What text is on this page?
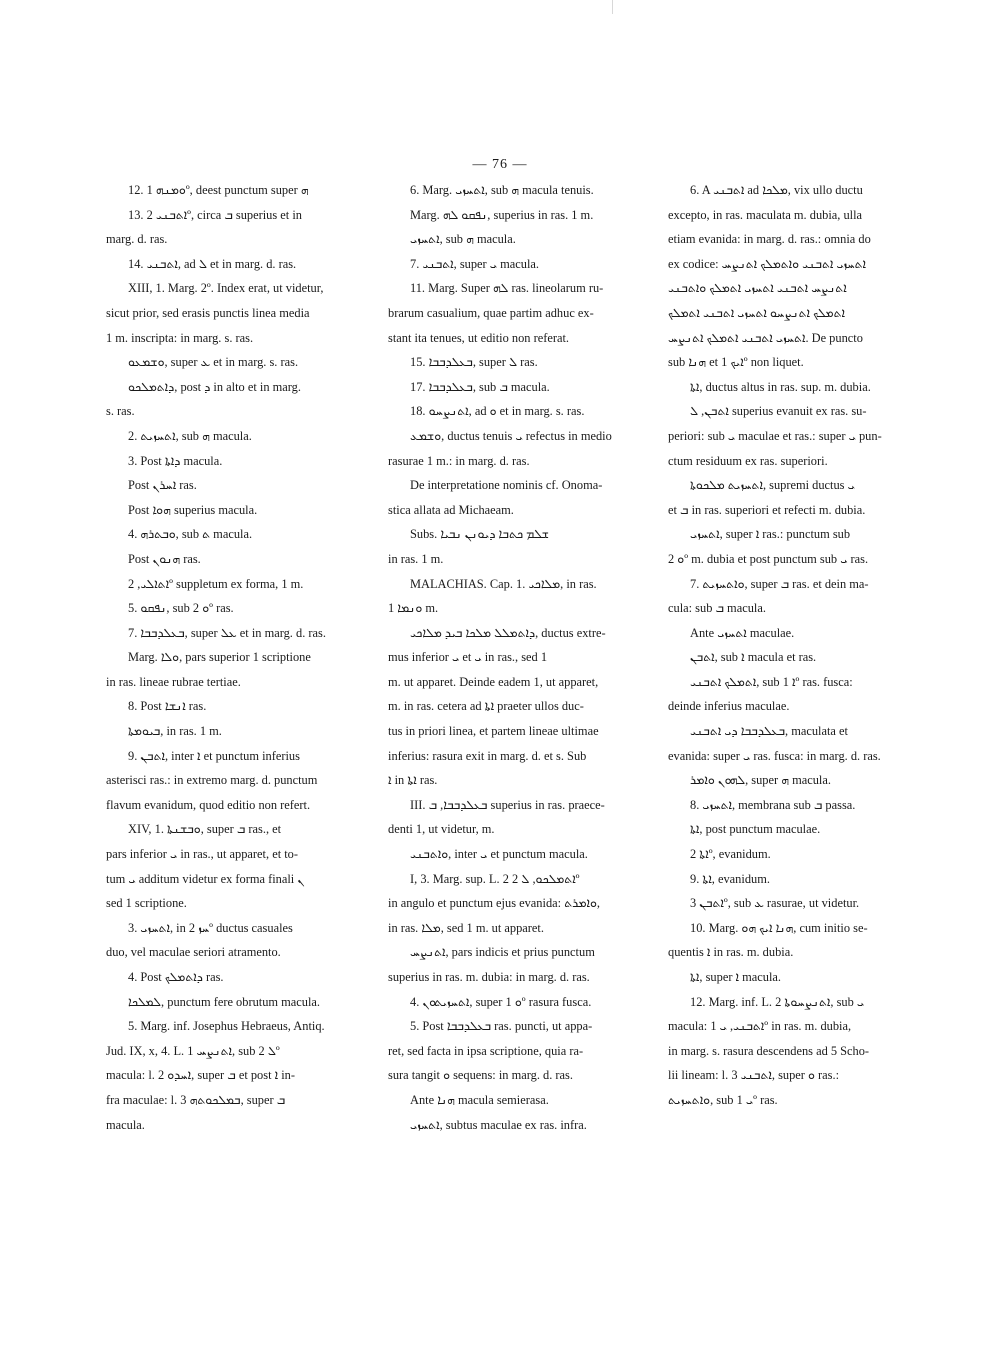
— 76 —

12. ܘܡܢܗ 1º, deest punctum super ܗ

13. ܐܬܒܢܝ 2º, circa ܒ superius et in

marg. d. ras.

14. ܐܬܒܢܝ, ad ܠ et in marg. d. ras.

XIII, 1. Marg. 2º. Index erat, ut videtur,

sicut prior, sed erasis punctis linea media

1 m. inscripta: in marg. s. ras.

ܘܫܡܥܘ, super ܥ et in marg. s. ras.

ܕܐܬܡܠܟܘ, post ܕ in alto et in marg.

s. ras.

2. ܐܬܚܙܝܬ, sub ܗ macula.

3. Post ܕܐܬܐ macula.

Post ܐܚܪܢ ras.

Post ܗܘܐ superius macula.

4. ܘܒܬܪܗ, sub ܬ macula.

Post ܗܢܘܢ ras.

ܐܬܐܠܝ, 2º suppletum ex forma, 1 m.

5. ܢܦܩܘ, sub ܘ 2º ras.

7. ܒܥܠܕܒܒܐ, super ܥܠ et in marg. d. ras.

Marg. ܘܠܐ, pars superior 1 scriptione

in ras. lineae rubrae tertiae.

8. Post ܐܢܫܐ ras.

ܒܝܘܡܬܐ, in ras. 1 m.

9. ܐܬܒܢ, inter ܐ et punctum inferius

asterisci ras.: in extremo marg. d. punctum

flavum evanidum, quod editio non refert.

XIV, 1. ܘܒܫܢܬܐ, super ܒ ras., et

pars inferior ܝ in ras., ut apparet, et to-

tum ܝ additum videtur ex forma finali ܢ

sed 1 scriptione.

3. ܐܬܚܙܝ, in ܚܙ 2º ductus casuales

duo, vel maculae seriori atramento.

4. Post ܕܐܬܡܠܟ ras.

ܠܡܠܟܐ, punctum fere obrutum macula.

5. Marg. inf. Josephus Hebraeus, Antiq.

Jud. IX, x, 4. L. 1 ܐܬܢܨܚ, sub ܠ 2º

macula: l. 2 ܐܚܕܘ, super ܒ et post ܐ in-

fra maculae: l. 3 ܒܡܠܟܘܬܗ, super ܒ

macula.

6. Marg. ܐܬܚܙܝ, sub ܗ macula tenuis.

Marg. ܢܦܩܘ ܠܗ, superius in ras. 1 m.

ܐܬܚܙܝ, sub ܗ macula.

7. ܐܬܒܢܝ, super ܝ macula.

11. Marg. Super ܠܗ ras. lineolarum ru-

brarum casualium, quae partim adhuc ex-

stant ita tenues, ut editio non referat.

15. ܒܥܠܕܒܒܐ, super ܠ ras.

17. ܒܥܠܕܒܒܐ, sub ܒ macula.

18. ܐܬܢܨܚܘ, ad ܘ et in marg. s. ras.

ܘܫܡܥ, ductus tenuis ܝ refectus in medio

rasurae 1 m.: in marg. d. ras.

De interpretatione nominis cf. Onoma-

stica allata ad Michaeam.

Subs. ܫܠܡ ܟܬܒܐ ܕܝܘܢܢ ܢܒܝܐ

in ras. 1 m.

MALACHIAS. Cap. 1. ܡܠܐܟܝ, in ras.

ܘܢܡܐ 1 m.

ܕܐܬܡܠܠ ܡܠܟܐ ܒܝܕ ܡܠܐܟܝ, ductus extre-

mus inferior ܝ et ܝ in ras., sed 1

m. ut apparet. Deinde eadem 1, ut apparet,

m. in ras. cetera ad ܐܬܐ praeter ullos duc-

tus in priori linea, et partem lineae ultimae

inferius: rasura exit in marg. d. et s. Sub

ܐ in ܐܬܐ ras.

III. ܒܥܠܕܒܒܐ, ܒ superius in ras. praece-

denti 1, ut videtur, m.

ܘܐܬܒܢܝ, inter ܝ et punctum macula.

I, 3. Marg. sup. L. 2 ܐܬܡܠܟܘ, ܠ 2º

in angulo et punctum ejus evanida: ܘܐܡܪܬ,

in ras. ܡܠܐ, sed 1 m. ut apparet.

ܐܬܢܨܚ, pars indicis et prius punctum

superius in ras. m. dubia: in marg. d. ras.

4. ܐܬܚܙܝܬܘܢ, super ܘ 1º rasura fusca.

5. Post ܒܥܠܕܒܒܐ ras. puncti, ut appa-

ret, sed facta in ipsa scriptione, quia ra-

sura tangit ܘ sequens: in marg. d. ras.

Ante ܗܢܐ macula semierasa.

ܐܬܚܙܝ, subtus maculae ex ras. infra.

6. A ܐܬܒܢܝ ad ܡܠܟܐ, vix ullo ductu

excepto, in ras. maculata m. dubia, ulla

etiam evanida: in marg. d. ras.: omnia do

ex codice: ܐܬܚܙܝ ܐܬܒܢܝ ܘܐܬܡܠܟ ܐܬܢܨܚ

ܐܬܢܨܚ ܐܬܒܢܝ ܐܬܚܙܝ ܐܬܡܠܟ ܘܐܬܒܢܝ

ܐܬܡܠܟ ܐܬܢܨܚܘ ܐܬܚܙܝ ܐܬܒܢܝ ܐܬܡܠܟ

ܐܬܚܙܝ ܐܬܒܢܝ ܐܬܡܠܟ ܐܬܢܨܚ. De puncto

sub ܗܢܐ et ܐܝܟ 1º non liquet.

ܐܬܐ, ductus altus in ras. sup. m. dubia.

ܐܬܒܢ, ܠ superius evanuit ex ras. su-

periori: sub ܝ maculae et ras.: super ܝ pun-

ctum residuum ex ras. superiori.

ܐܬܚܙܝܬ ܡܠܟܘܬܐ, supremi ductus ܝ

et ܒ in ras. superiori et refecti m. dubia.

ܐܬܚܙܝ, super ܐ ras.: punctum sub

ܘ 2º m. dubia et post punctum sub ܝ ras.

7. ܘܐܬܚܙܝܬ, super ܒ ras. et dein ma-

cula: sub ܒ macula.

Ante ܐܬܚܙܝ maculae.

ܐܬܒܢ, sub ܐ macula et ras.

ܐܬܡܠܟ ܐܬܒܢܝ, sub ܐ 1º ras. fusca:

deinde inferius maculae.

ܒܥܠܕܒܒܐ ܕܝ ܐܬܒܢܝ, maculata et

evanida: super ܝ ras. fusca: in marg. d. ras.

ܠܗܘܢ ܘܐܡܪ, super ܗ macula.

8. ܐܬܚܙܝ, membrana sub ܒ passa.

ܐܬܐ, post punctum maculae.

ܐܬܐ 2º, evanidum.

9. ܐܬܐ, evanidum.

ܐܬܒܢ 3º, sub ܥ rasurae, ut videtur.

10. Marg. ܗܢܐ ܐܝܟ ܗܘ, cum initio se-

quentis ܐ in ras. m. dubia.

ܐܬܐ, super ܐ macula.

12. Marg. inf. L. 2 ܐܬܢܨܚܘܬܐ, sub ܝ

macula: ܐܬܒܢܝ, ܝ 1º in ras. m. dubia,

in marg. s. rasura descendens ad 5 Scho-

lii lineam: l. 3 ܐܬܒܢܝ, super ܘ ras.:

ܘܐܬܚܙܝܬ, sub ܝ 1º ras.
